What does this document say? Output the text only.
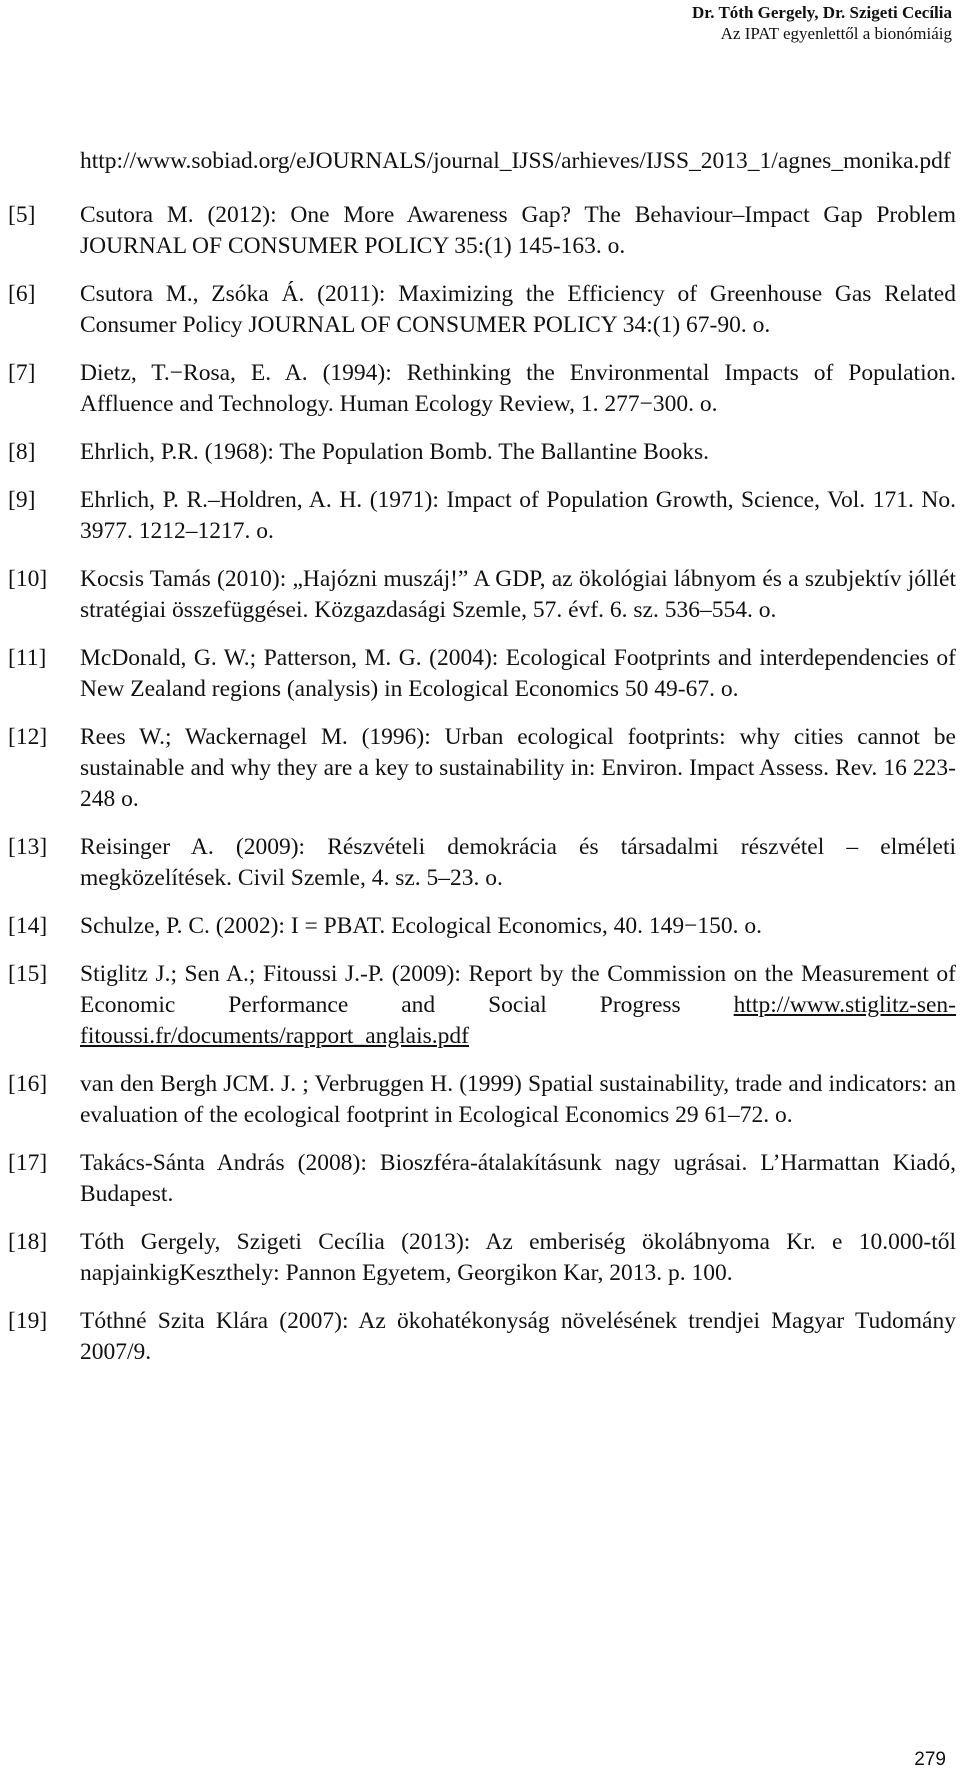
Dr. Tóth Gergely, Dr. Szigeti Cecília
Az IPAT egyenlettől a bionómiáig
http://www.sobiad.org/eJOURNALS/journal_IJSS/arhieves/IJSS_2013_1/agnes_monika.pdf
[5]	Csutora M. (2012): One More Awareness Gap? The Behaviour–Impact Gap Problem JOURNAL OF CONSUMER POLICY 35:(1) 145-163. o.
[6]	Csutora M., Zsóka Á. (2011): Maximizing the Efficiency of Greenhouse Gas Related Consumer Policy JOURNAL OF CONSUMER POLICY 34:(1) 67-90. o.
[7]	Dietz, T.−Rosa, E. A. (1994): Rethinking the Environmental Impacts of Population. Affluence and Technology. Human Ecology Review, 1. 277−300. o.
[8]	Ehrlich, P.R. (1968): The Population Bomb. The Ballantine Books.
[9]	Ehrlich, P. R.–Holdren, A. H. (1971): Impact of Population Growth, Science, Vol. 171. No. 3977. 1212–1217. o.
[10]	Kocsis Tamás (2010): „Hajózni muszáj!” A GDP, az ökológiai lábnyom és a szubjektív jóllét stratégiai összefüggései. Közgazdasági Szemle, 57. évf. 6. sz. 536–554. o.
[11]	McDonald, G. W.; Patterson, M. G. (2004): Ecological Footprints and interdependencies of New Zealand regions (analysis) in Ecological Economics 50 49-67. o.
[12]	Rees W.; Wackernagel M. (1996): Urban ecological footprints: why cities cannot be sustainable and why they are a key to sustainability in: Environ. Impact Assess. Rev. 16 223-248 o.
[13]	Reisinger A. (2009): Részvételi demokrácia és társadalmi részvétel – elméleti megközelítések. Civil Szemle, 4. sz. 5–23. o.
[14]	Schulze, P. C. (2002): I = PBAT. Ecological Economics, 40. 149−150. o.
[15]	Stiglitz J.; Sen A.; Fitoussi J.-P. (2009): Report by the Commission on the Measurement of Economic Performance and Social Progress http://www.stiglitz-sen-fitoussi.fr/documents/rapport_anglais.pdf
[16]	van den Bergh JCM. J. ; Verbruggen H. (1999) Spatial sustainability, trade and indicators: an evaluation of the ecological footprint in Ecological Economics 29 61–72. o.
[17]	Takács-Sánta András (2008): Bioszféra-átalakításunk nagy ugrásai. L’Harmattan Kiadó, Budapest.
[18]	Tóth Gergely, Szigeti Cecília (2013): Az emberiség ökolábnyoma Kr. e 10.000-től napjainkigKeszthely: Pannon Egyetem, Georgikon Kar, 2013. p. 100.
[19]	Tóthné Szita Klára (2007): Az ökohatékonyság növelésének trendjei Magyar Tudomány 2007/9.
279
